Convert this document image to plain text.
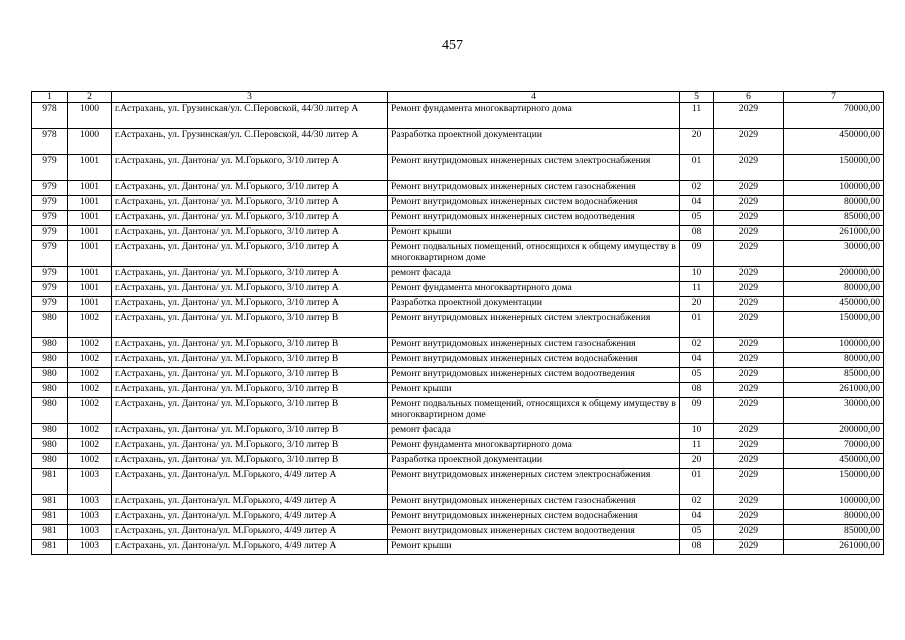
457
1	2	3	4	5	6	7
978	1000	г.Астрахань, ул. Грузинская/ул. С.Перовской, 44/30 литер А	Ремонт фундамента многоквартирного дома	11	2029	70000,00
978	1000	г.Астрахань, ул. Грузинская/ул. С.Перовской, 44/30 литер А	Разработка проектной документации	20	2029	450000,00
979	1001	г.Астрахань, ул. Дантона/ ул. М.Горького, 3/10 литер А	Ремонт внутридомовых инженерных систем электроснабжения	01	2029	150000,00
979	1001	г.Астрахань, ул. Дантона/ ул. М.Горького, 3/10 литер А	Ремонт внутридомовых инженерных систем газоснабжения	02	2029	100000,00
979	1001	г.Астрахань, ул. Дантона/ ул. М.Горького, 3/10 литер А	Ремонт внутридомовых инженерных систем водоснабжения	04	2029	80000,00
979	1001	г.Астрахань, ул. Дантона/ ул. М.Горького, 3/10 литер А	Ремонт внутридомовых инженерных систем водоотведения	05	2029	85000,00
979	1001	г.Астрахань, ул. Дантона/ ул. М.Горького, 3/10 литер А	Ремонт крыши	08	2029	261000,00
979	1001	г.Астрахань, ул. Дантона/ ул. М.Горького, 3/10 литер А	Ремонт подвальных помещений, относящихся к общему имуществу в многоквартирном доме	09	2029	30000,00
979	1001	г.Астрахань, ул. Дантона/ ул. М.Горького, 3/10 литер А	ремонт фасада	10	2029	200000,00
979	1001	г.Астрахань, ул. Дантона/ ул. М.Горького, 3/10 литер А	Ремонт фундамента многоквартирного дома	11	2029	80000,00
979	1001	г.Астрахань, ул. Дантона/ ул. М.Горького, 3/10 литер А	Разработка проектной документации	20	2029	450000,00
980	1002	г.Астрахань, ул. Дантона/ ул. М.Горького, 3/10 литер В	Ремонт внутридомовых инженерных систем электроснабжения	01	2029	150000,00
980	1002	г.Астрахань, ул. Дантона/ ул. М.Горького, 3/10 литер В	Ремонт внутридомовых инженерных систем газоснабжения	02	2029	100000,00
980	1002	г.Астрахань, ул. Дантона/ ул. М.Горького, 3/10 литер В	Ремонт внутридомовых инженерных систем водоснабжения	04	2029	80000,00
980	1002	г.Астрахань, ул. Дантона/ ул. М.Горького, 3/10 литер В	Ремонт внутридомовых инженерных систем водоотведения	05	2029	85000,00
980	1002	г.Астрахань, ул. Дантона/ ул. М.Горького, 3/10 литер В	Ремонт крыши	08	2029	261000,00
980	1002	г.Астрахань, ул. Дантона/ ул. М.Горького, 3/10 литер В	Ремонт подвальных помещений, относящихся к общему имуществу в многоквартирном доме	09	2029	30000,00
980	1002	г.Астрахань, ул. Дантона/ ул. М.Горького, 3/10 литер В	ремонт фасада	10	2029	200000,00
980	1002	г.Астрахань, ул. Дантона/ ул. М.Горького, 3/10 литер В	Ремонт фундамента многоквартирного дома	11	2029	70000,00
980	1002	г.Астрахань, ул. Дантона/ ул. М.Горького, 3/10 литер В	Разработка проектной документации	20	2029	450000,00
981	1003	г.Астрахань, ул. Дантона/ул. М.Горького, 4/49 литер А	Ремонт внутридомовых инженерных систем электроснабжения	01	2029	150000,00
981	1003	г.Астрахань, ул. Дантона/ул. М.Горького, 4/49 литер А	Ремонт внутридомовых инженерных систем газоснабжения	02	2029	100000,00
981	1003	г.Астрахань, ул. Дантона/ул. М.Горького, 4/49 литер А	Ремонт внутридомовых инженерных систем водоснабжения	04	2029	80000,00
981	1003	г.Астрахань, ул. Дантона/ул. М.Горького, 4/49 литер А	Ремонт внутридомовых инженерных систем водоотведения	05	2029	85000,00
981	1003	г.Астрахань, ул. Дантона/ул. М.Горького, 4/49 литер А	Ремонт крыши	08	2029	261000,00
